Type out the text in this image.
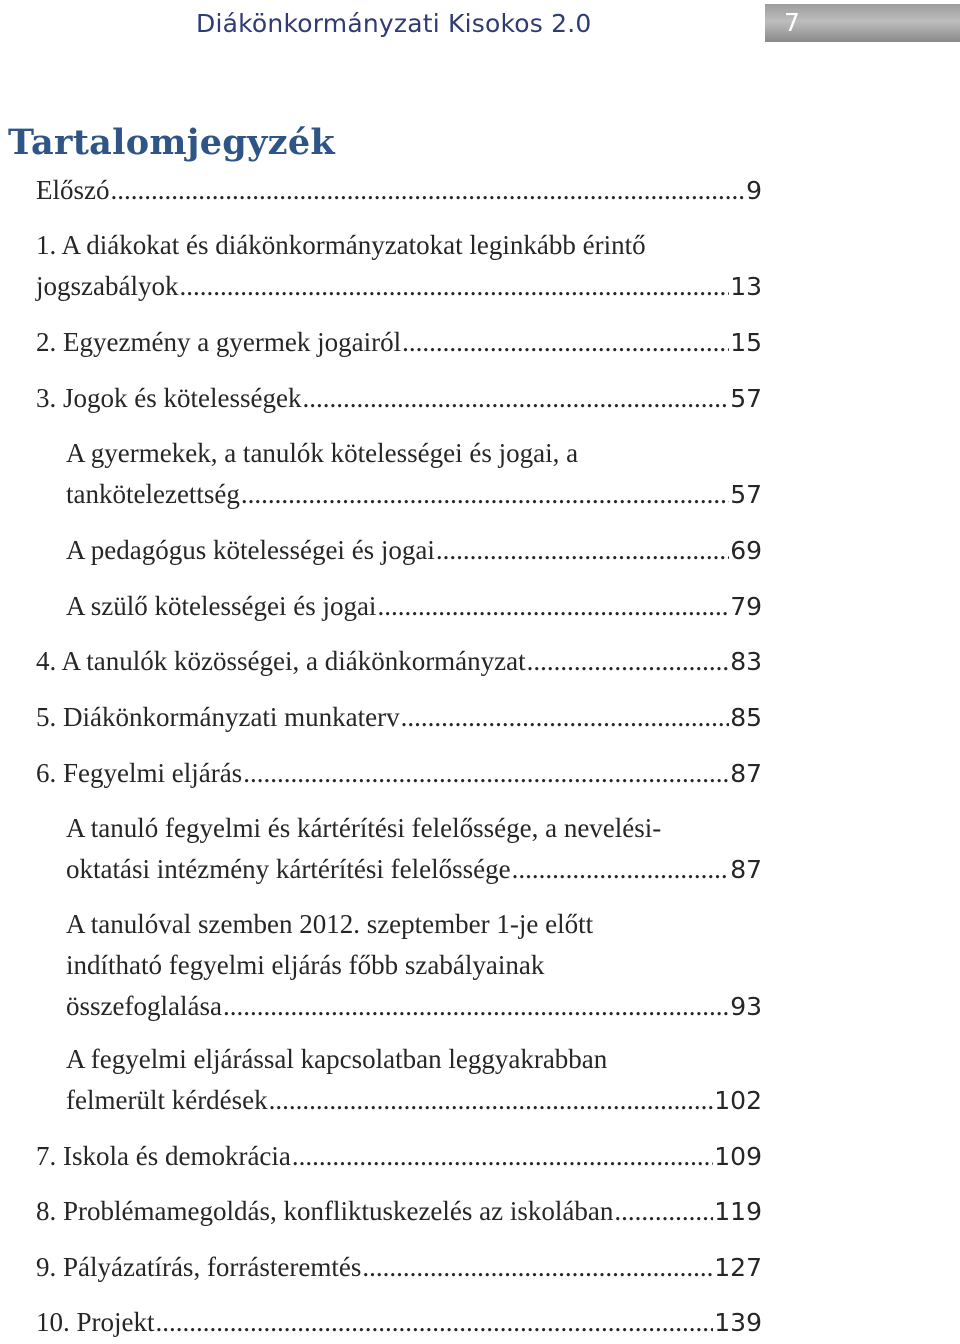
Diákönkormányzati Kisokos 2.0	7
Tartalomjegyzék
Előszó .....	9
1. A diákokat és diákönkormányzatokat leginkább érintő
jogszabályok .....	13
2. Egyezmény a gyermek jogairól .....	15
3. Jogok és kötelességek .....	57
A gyermekek, a tanulók kötelességei és jogai, a
tankötelezettség .....	57
A pedagógus kötelességei és jogai .....	69
A szülő kötelességei és jogai .....	79
4. A tanulók közösségei, a diákönkormányzat .....	83
5. Diákönkormányzati munkaterv .....	85
6. Fegyelmi eljárás .....	87
A tanuló fegyelmi és kártérítési felelőssége, a nevelési-
oktatási intézmény kártérítési felelőssége .....	87
A tanulóval szemben 2012. szeptember 1-je előtt
indítható fegyelmi eljárás főbb szabályainak
összefoglalása .....	93
A fegyelmi eljárással kapcsolatban leggyakrabban
felmerült kérdések .....	102
7. Iskola és demokrácia .....	109
8. Problémamegoldás, konfliktuskezelés az iskolában .....	119
9. Pályázatírás, forrásteremtés .....	127
10. Projekt .....	139
